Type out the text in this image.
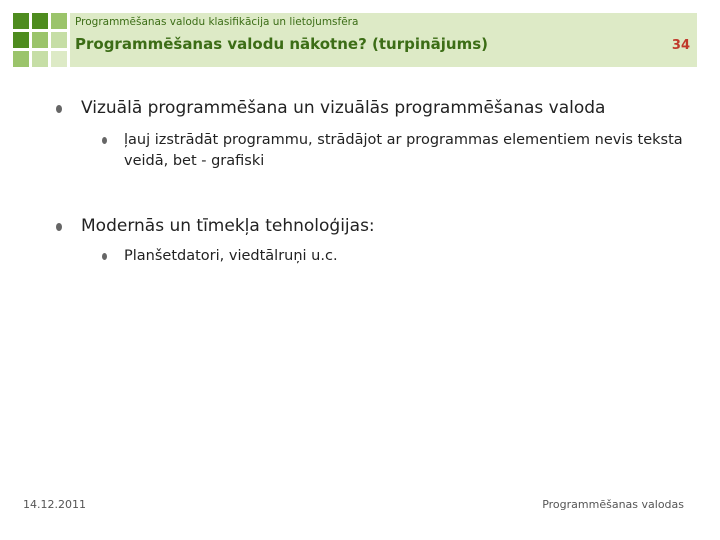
Programmēšanas valodu klasifikācija un lietojumsfēra
Programmēšanas valodu nākotne? (turpinājums)	34
Vizuālā programmēšana un vizuālās programmēšanas valoda
ļauj izstrādāt programmu, strādājot ar programmas elementiem nevis teksta veidā, bet - grafiski
Modernās un tīmekļa tehnoloģijas:
Planšetdatori, viedtālruņi u.c.
14.12.2011	Programmēšanas valodas
